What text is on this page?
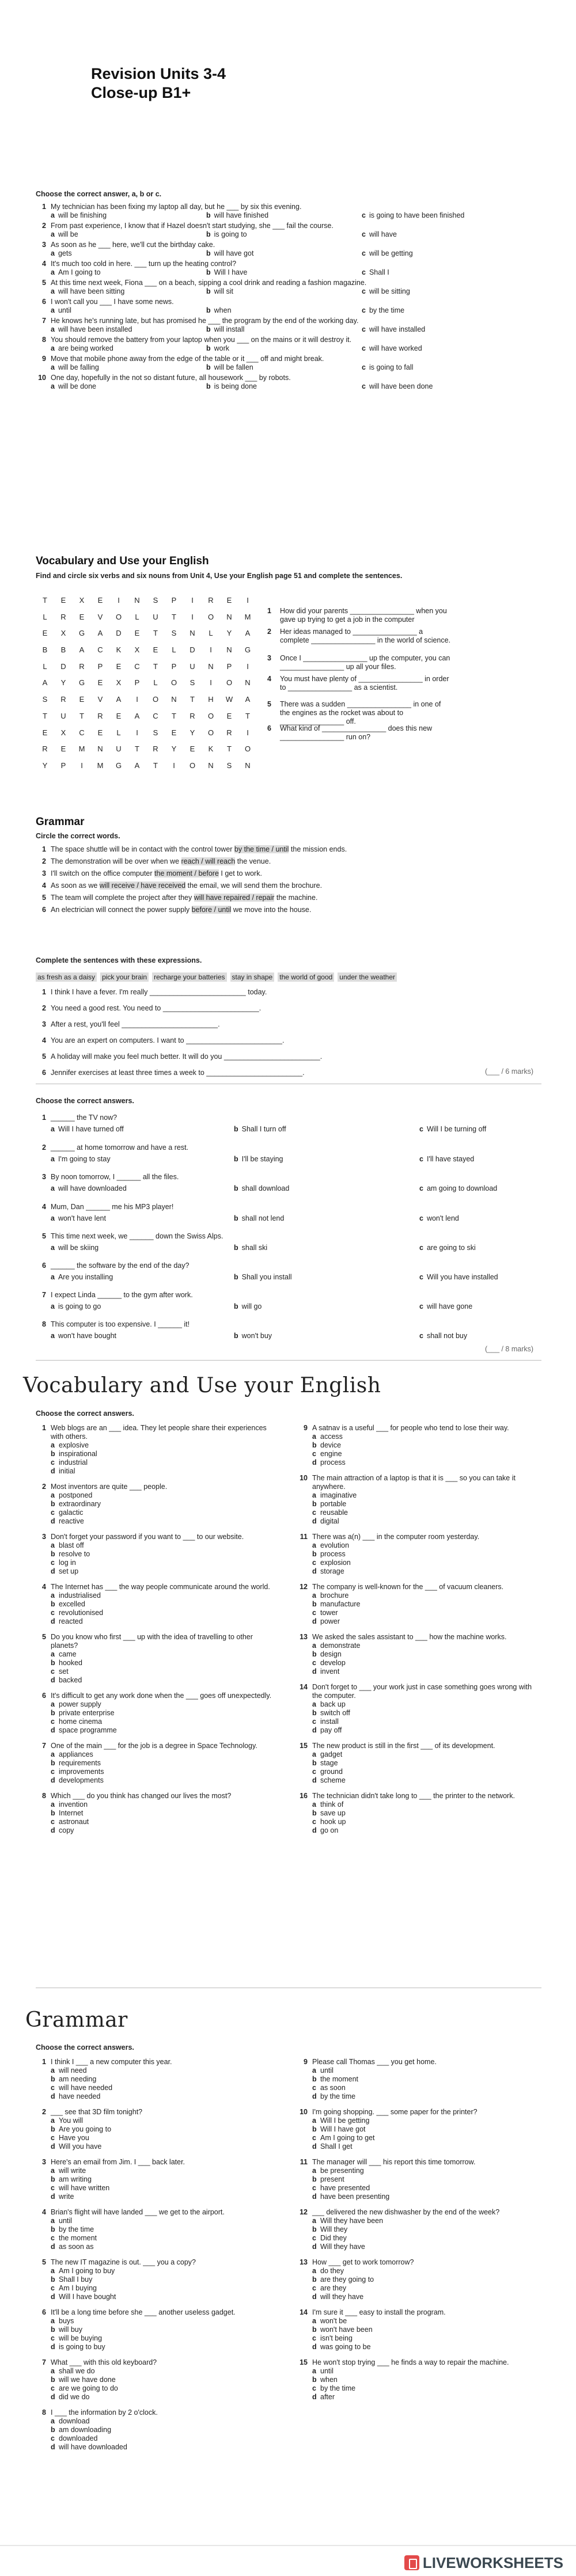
Revision Units 3-4
Close-up B1+
Choose the correct answer, a, b or c.
1 My technician has been fixing my laptop all day, but he ___ by six this evening.
a will be finishing	b will have finished	c is going to have been finished
2 From past experience, I know that if Hazel doesn't start studying, she ___ fail the course.
a will be	b is going to	c will have
3 As soon as he ___ here, we'll cut the birthday cake.
a gets	b will have got	c will be getting
4 It's much too cold in here. ___ turn up the heating control?
a Am I going to	b Will I have	c Shall I
5 At this time next week, Fiona ___ on a beach, sipping a cool drink and reading a fashion magazine.
a will have been sitting	b will sit	c will be sitting
6 I won't call you ___ I have some news.
a until	b when	c by the time
7 He knows he's running late, but has promised he ___ the program by the end of the working day.
a will have been installed	b will install	c will have installed
8 You should remove the battery from your laptop when you ___ on the mains or it will destroy it.
a are being worked	b work	c will have worked
9 Move that mobile phone away from the edge of the table or it ___ off and might break.
a will be falling	b will be fallen	c is going to fall
10 One day, hopefully in the not so distant future, all housework ___ by robots.
a will be done	b is being done	c will have been done
Vocabulary and Use your English
Find and circle six verbs and six nouns from Unit 4, Use your English page 51 and complete the sentences.
T E X E I N S P I R E I
L R E V O L U T I O N M
E X G A D E T S N L Y A
B B A C K X E L D I N G
L D R P E C T P U N P I
A Y G E X P L O S I O N
S R E V A I O N T H W A
T U T R E A C T R O E T
E X C E L I S E Y O R I
R E M N U T R Y E K T O
Y P I M G A T I O N S N
1 How did your parents ________________ when you gave up trying to get a job in the computer
2 Her ideas managed to ________________ a complete ________________ in the world of science.
3 Once I ________________ up the computer, you can ________________ up all your files.
4 You must have plenty of ________________ in order to ________________ as a scientist.
5 There was a sudden ________________ in one of the engines as the rocket was about to ________________ off.
6 What kind of ________________ does this new ________________ run on?
Grammar
Circle the correct words.
1 The space shuttle will be in contact with the control tower by the time / until the mission ends.
2 The demonstration will be over when we reach / will reach the venue.
3 I'll switch on the office computer the moment / before I get to work.
4 As soon as we will receive / have received the email, we will send them the brochure.
5 The team will complete the project after they will have repaired / repair the machine.
6 An electrician will connect the power supply before / until we move into the house.
Complete the sentences with these expressions.
as fresh as a daisy pick your brain recharge your batteries stay in shape the world of good under the weather
1 I think I have a fever. I'm really ________________________ today.
2 You need a good rest. You need to ________________________.
3 After a rest, you'll feel ________________________.
4 You are an expert on computers. I want to ________________________.
5 A holiday will make you feel much better. It will do you ________________________.
6 Jennifer exercises at least three times a week to ________________________.	(___ / 6 marks)
Choose the correct answers.
1 ______ the TV now?
a Will I have turned off	b Shall I turn off	c Will I be turning off
2 ______ at home tomorrow and have a rest.
a I'm going to stay	b I'll be staying	c I'll have stayed
3 By noon tomorrow, I ______ all the files.
a will have downloaded	b shall download	c am going to download
4 Mum, Dan ______ me his MP3 player!
a won't have lent	b shall not lend	c won't lend
5 This time next week, we ______ down the Swiss Alps.
a will be skiing	b shall ski	c are going to ski
6 ______ the software by the end of the day?
a Are you installing	b Shall you install	c Will you have installed
7 I expect Linda ______ to the gym after work.
a is going to go	b will go	c will have gone
8 This computer is too expensive. I ______ it!
a won't have bought	b won't buy	c shall not buy
(___ / 8 marks)
Vocabulary and Use your English
Choose the correct answers.
1 Web blogs are an ___ idea. They let people share their experiences with others.
a explosive
b inspirational
c industrial
d initial
2 Most inventors are quite ___ people.
a postponed
b extraordinary
c galactic
d reactive
3 Don't forget your password if you want to ___ to our website.
a blast off
b resolve to
c log in
d set up
4 The Internet has ___ the way people communicate around the world.
a industrialised
b excelled
c revolutionised
d reacted
5 Do you know who first ___ up with the idea of travelling to other planets?
a came
b hooked
c set
d backed
6 It's difficult to get any work done when the ___ goes off unexpectedly.
a power supply
b private enterprise
c home cinema
d space programme
7 One of the main ___ for the job is a degree in Space Technology.
a appliances
b requirements
c improvements
d developments
8 Which ___ do you think has changed our lives the most?
a invention
b Internet
c astronaut
d copy
9 A satnav is a useful ___ for people who tend to lose their way.
a access
b device
c engine
d process
10 The main attraction of a laptop is that it is ___ so you can take it anywhere.
a imaginative
b portable
c reusable
d digital
11 There was a(n) ___ in the computer room yesterday.
a evolution
b process
c explosion
d storage
12 The company is well-known for the ___ of vacuum cleaners.
a brochure
b manufacture
c tower
d power
13 We asked the sales assistant to ___ how the machine works.
a demonstrate
b design
c develop
d invent
14 Don't forget to ___ your work just in case something goes wrong with the computer.
a back up
b switch off
c install
d pay off
15 The new product is still in the first ___ of its development.
a gadget
b stage
c ground
d scheme
16 The technician didn't take long to ___ the printer to the network.
a think of
b save up
c hook up
d go on
Grammar
Choose the correct answers.
1 I think I ___ a new computer this year.
a will need
b am needing
c will have needed
d have needed
2 ___ see that 3D film tonight?
a You will
b Are you going to
c Have you
d Will you have
3 Here's an email from Jim. I ___ back later.
a will write
b am writing
c will have written
d write
4 Brian's flight will have landed ___ we get to the airport.
a until
b by the time
c the moment
d as soon as
5 The new IT magazine is out. ___ you a copy?
a Am I going to buy
b Shall I buy
c Am I buying
d Will I have bought
6 It'll be a long time before she ___ another useless gadget.
a buys
b will buy
c will be buying
d is going to buy
7 What ___ with this old keyboard?
a shall we do
b will we have done
c are we going to do
d did we do
8 I ___ the information by 2 o'clock.
a download
b am downloading
c downloaded
d will have downloaded
9 Please call Thomas ___ you get home.
a until
b the moment
c as soon
d by the time
10 I'm going shopping. ___ some paper for the printer?
a Will I be getting
b Will I have got
c Am I going to get
d Shall I get
11 The manager will ___ his report this time tomorrow.
a be presenting
b present
c have presented
d have been presenting
12 ___ delivered the new dishwasher by the end of the week?
a Will they have been
b Will they
c Did they
d Will they have
13 How ___ get to work tomorrow?
a do they
b are they going to
c are they
d will they have
14 I'm sure it ___ easy to install the program.
a won't be
b won't have been
c isn't being
d was going to be
15 He won't stop trying ___ he finds a way to repair the machine.
a until
b when
c by the time
d after
LIVEWORKSHEETS
